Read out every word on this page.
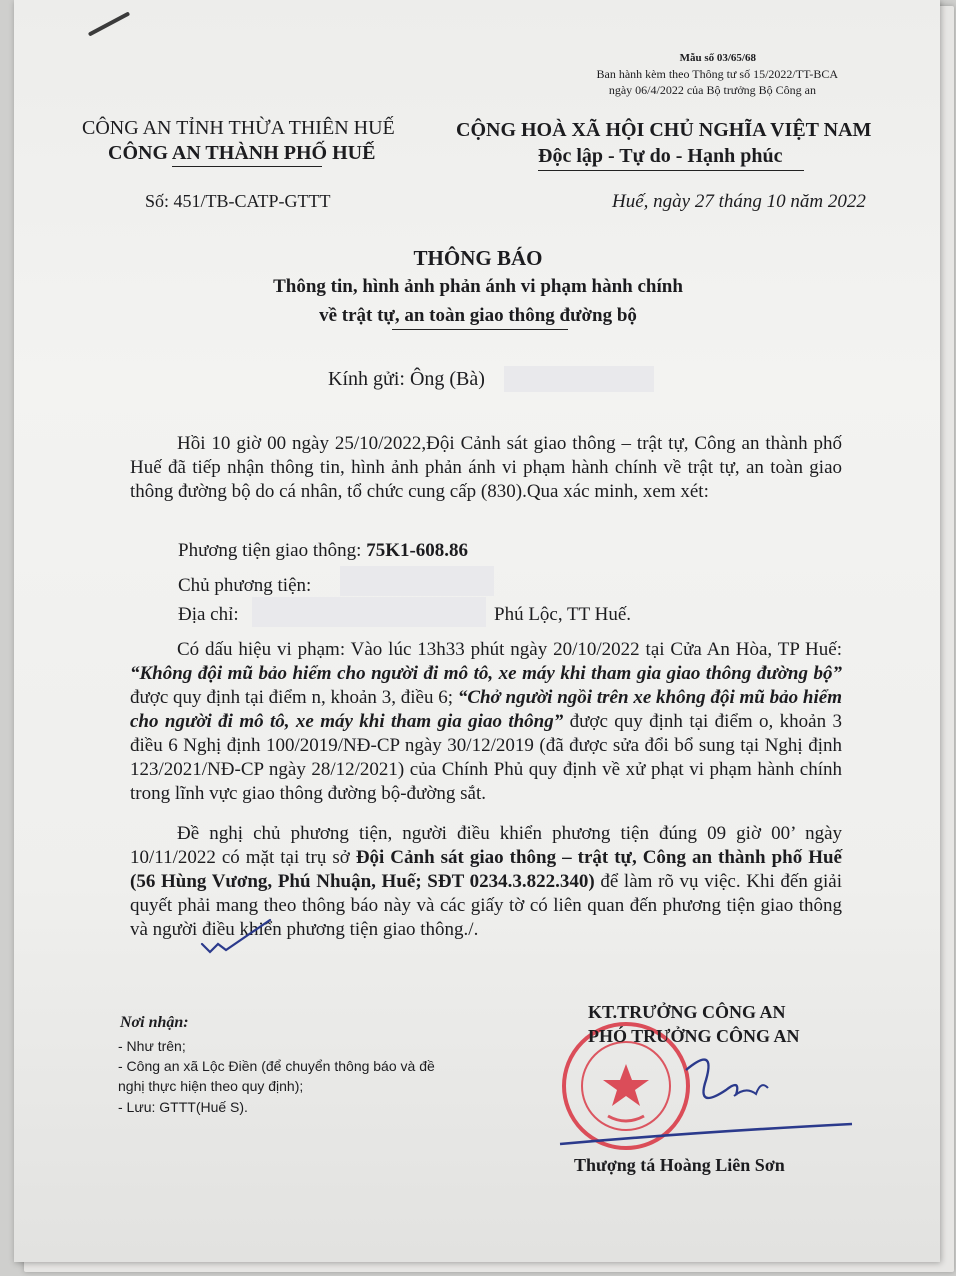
Mẫu số 03/65/68
Ban hành kèm theo Thông tư số 15/2022/TT-BCA
ngày 06/4/2022 của Bộ trưởng Bộ Công an
CÔNG AN TỈNH THỪA THIÊN HUẾ
CÔNG AN THÀNH PHỐ HUẾ
CỘNG HOÀ XÃ HỘI CHỦ NGHĨA VIỆT NAM
Độc lập - Tự do - Hạnh phúc
Số: 451/TB-CATP-GTTT	Huế, ngày 27 tháng 10 năm 2022
THÔNG BÁO
Thông tin, hình ảnh phản ánh vi phạm hành chính
về trật tự, an toàn giao thông đường bộ
Kính gửi: Ông (Bà)
Hồi 10 giờ 00 ngày 25/10/2022,Đội Cảnh sát giao thông – trật tự, Công an thành phố Huế đã tiếp nhận thông tin, hình ảnh phản ánh vi phạm hành chính về trật tự, an toàn giao thông đường bộ do cá nhân, tổ chức cung cấp (830).Qua xác minh, xem xét:
Phương tiện giao thông: 75K1-608.86
Chủ phương tiện:
Địa chỉ:	Phú Lộc, TT Huế.
Có dấu hiệu vi phạm: Vào lúc 13h33 phút ngày 20/10/2022 tại Cửa An Hòa, TP Huế: “Không đội mũ bảo hiểm cho người đi mô tô, xe máy khi tham gia giao thông đường bộ” được quy định tại điểm n, khoản 3, điều 6; “Chở người ngồi trên xe không đội mũ bảo hiểm cho người đi mô tô, xe máy khi tham gia giao thông” được quy định tại điểm o, khoản 3 điều 6 Nghị định 100/2019/NĐ-CP ngày 30/12/2019 (đã được sửa đổi bổ sung tại Nghị định 123/2021/NĐ-CP ngày 28/12/2021) của Chính Phủ quy định về xử phạt vi phạm hành chính trong lĩnh vực giao thông đường bộ-đường sắt.
Đề nghị chủ phương tiện, người điều khiển phương tiện đúng 09 giờ 00’ ngày 10/11/2022 có mặt tại trụ sở Đội Cảnh sát giao thông – trật tự, Công an thành phố Huế (56 Hùng Vương, Phú Nhuận, Huế; SĐT 0234.3.822.340) để làm rõ vụ việc. Khi đến giải quyết phải mang theo thông báo này và các giấy tờ có liên quan đến phương tiện giao thông và người điều khiển phương tiện giao thông./.
Nơi nhận:
- Như trên;
- Công an xã Lộc Điền (để chuyển thông báo và đề
nghị thực hiện theo quy định);
- Lưu: GTTT(Huế S).
KT.TRƯỞNG CÔNG AN
PHÓ TRƯỞNG CÔNG AN
Thượng tá Hoàng Liên Sơn
